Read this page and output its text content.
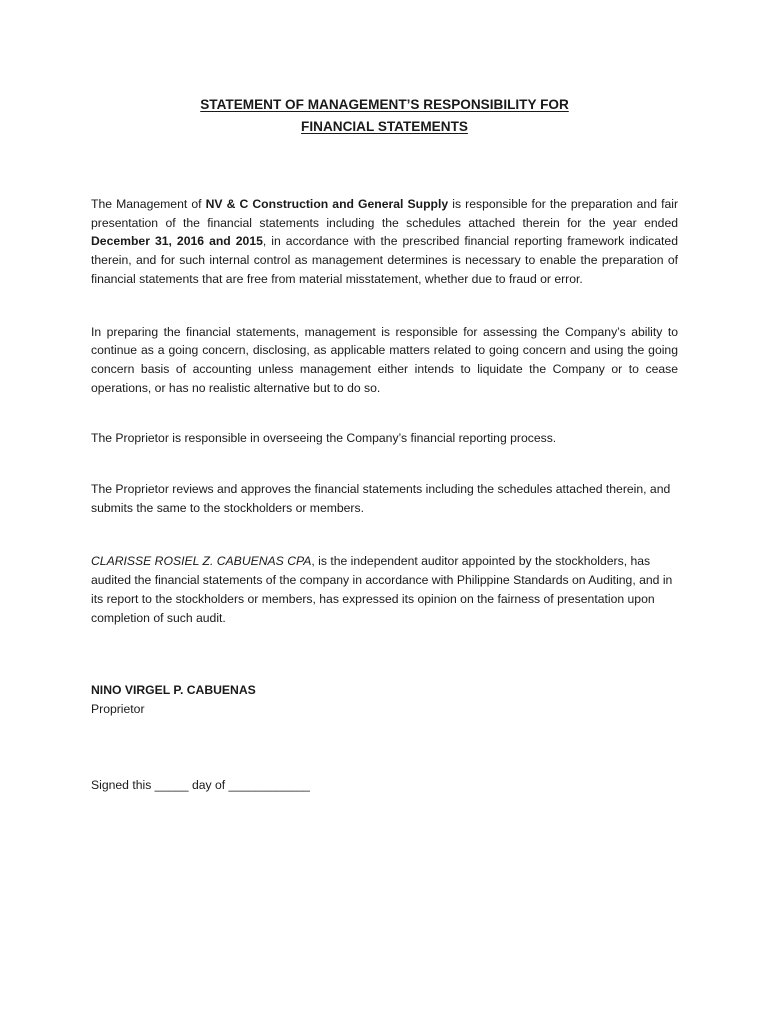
STATEMENT OF MANAGEMENT’S RESPONSIBILITY FOR
FINANCIAL STATEMENTS

The Management of NV & C Construction and General Supply is responsible for the preparation and fair presentation of the financial statements including the schedules attached therein for the year ended December 31, 2016 and 2015, in accordance with the prescribed financial reporting framework indicated therein, and for such internal control as management determines is necessary to enable the preparation of financial statements that are free from material misstatement, whether due to fraud or error.

In preparing the financial statements, management is responsible for assessing the Company’s ability to continue as a going concern, disclosing, as applicable matters related to going concern and using the going concern basis of accounting unless management either intends to liquidate the Company or to cease operations, or has no realistic alternative but to do so.

The Proprietor is responsible in overseeing the Company’s financial reporting process.

The Proprietor reviews and approves the financial statements including the schedules attached therein, and submits the same to the stockholders or members.

CLARISSE ROSIEL Z. CABUENAS CPA, is the independent auditor appointed by the stockholders, has audited the financial statements of the company in accordance with Philippine Standards on Auditing, and in its report to the stockholders or members, has expressed its opinion on the fairness of presentation upon completion of such audit.

NINO VIRGEL P. CABUENAS
Proprietor

Signed this _____ day of ____________
